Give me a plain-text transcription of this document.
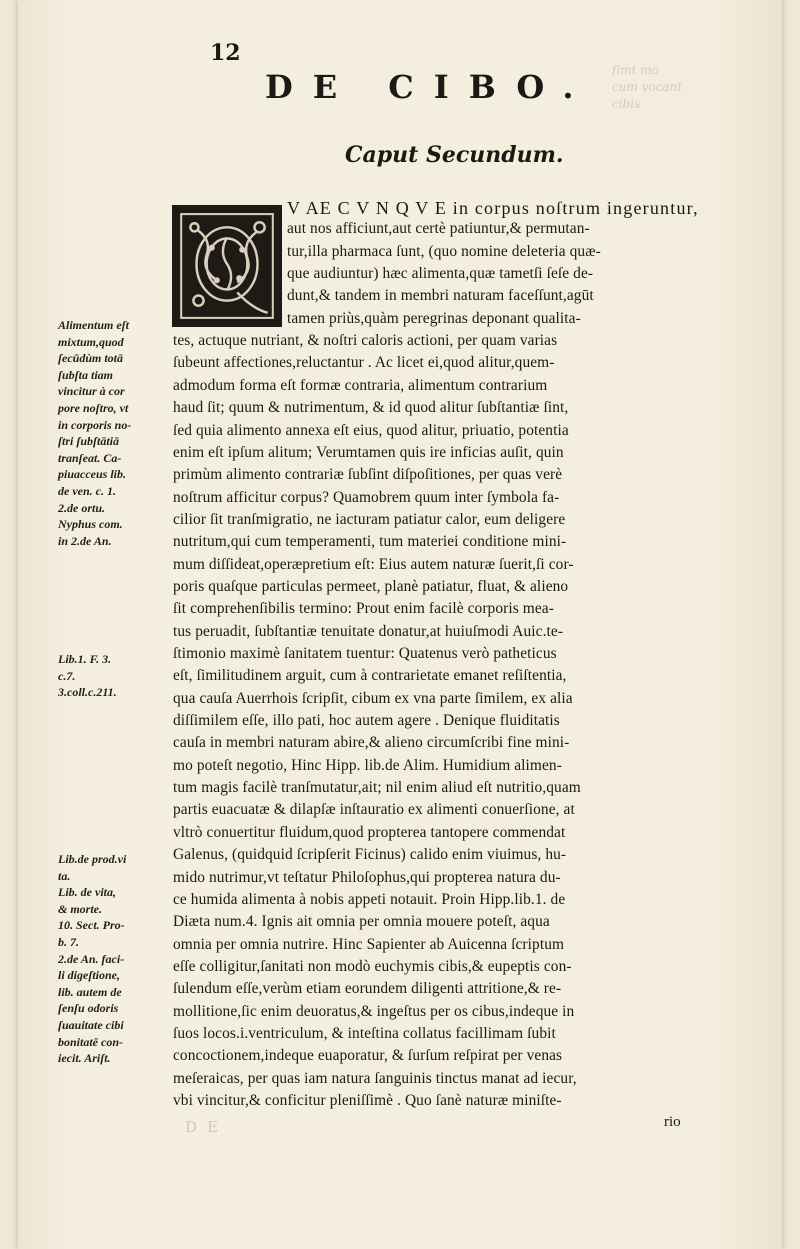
ſimt mo
cum vocant
cibis
DE
12
DE CIBO.
Caput Secundum.
V AE C V N Q V E in corpus noſtrum ingeruntur,
aut nos afficiunt,aut certè patiuntur,& permutan-
tur,illa pharmaca ſunt, (quo nomine deleteria quæ-
que audiuntur) hæc alimenta,quæ tametſi ſeſe de-
dunt,& tandem in membri naturam faceſſunt,agūt
tamen priùs,quàm peregrinas deponant qualita-
tes, actuque nutriant, & noſtri caloris actioni, per quam varias
ſubeunt affectiones,reluctantur . Ac licet ei,quod alitur,quem-
admodum forma eſt formæ contraria, alimentum contrarium
haud ſit; quum & nutrimentum, & id quod alitur ſubſtantiæ ſint,
ſed quia alimento annexa eſt eius, quod alitur, priuatio, potentia
enim eſt ipſum alitum; Verumtamen quis ire inficias auſit, quin
primùm alimento contrariæ ſubſint diſpoſitiones, per quas verè
noſtrum afficitur corpus? Quamobrem quum inter ſymbola fa-
cilior ſit tranſmigratio, ne iacturam patiatur calor, eum deligere
nutritum,qui cum temperamenti, tum materiei conditione mini-
mum diſſideat,operæpretium eſt: Eius autem naturæ ſuerit,ſi cor-
poris quaſque particulas permeet, planè patiatur, fluat, & alieno
ſit comprehenſibilis termino: Prout enim facilè corporis mea-
tus peruadit, ſubſtantiæ tenuitate donatur,at huiuſmodi Auic.te-
ſtimonio maximè ſanitatem tuentur: Quatenus verò patheticus
eſt, ſimilitudinem arguit, cum à contrarietate emanet reſiſtentia,
qua cauſa Auerrhois ſcripſit, cibum ex vna parte ſimilem, ex alia
diſſimilem eſſe, illo pati, hoc autem agere . Denique fluiditatis
cauſa in membri naturam abire,& alieno circumſcribi fine mini-
mo poteſt negotio, Hinc Hipp. lib.de Alim. Humidium alimen-
tum magis facilè tranſmutatur,ait; nil enim aliud eſt nutritio,quam
partis euacuatæ & dilapſæ inſtauratio ex alimenti conuerſione, at
vltrò conuertitur fluidum,quod propterea tantopere commendat
Galenus, (quidquid ſcripſerit Ficinus) calido enim viuimus, hu-
mido nutrimur,vt teſtatur Philoſophus,qui propterea natura du-
ce humida alimenta à nobis appeti notauit. Proin Hipp.lib.1. de
Diæta num.4. Ignis ait omnia per omnia mouere poteſt, aqua
omnia per omnia nutrire. Hinc Sapienter ab Auicenna ſcriptum
eſſe colligitur,ſanitati non modò euchymis cibis,& eupeptis con-
ſulendum eſſe,verùm etiam eorundem diligenti attritione,& re-
mollitione,ſic enim deuoratus,& ingeſtus per os cibus,indeque in
ſuos locos.i.ventriculum, & inteſtina collatus facillimam ſubit
concoctionem,indeque euaporatur, & ſurſum reſpirat per venas
meſeraicas, per quas iam natura ſanguinis tinctus manat ad iecur,
vbi vincitur,& conficitur pleniſſimè . Quo ſanè naturæ miniſte-
Alimentum eſt
mixtum,quod
ſecūdùm totā
ſubſta tiam
vincitur à cor
pore noſtro, vt
in corporis no-
ſtri ſubſtātiā
tranſeat. Ca-
piuacceus lib.
de ven. c. 1.
2.de ortu.
Nyphus com.
in 2.de An.
Lib.1. F. 3.
c.7.
3.coll.c.211.
Lib.de prod.vi
ta.
Lib. de vita,
& morte.
10. Sect. Pro-
b. 7.
2.de An. faci-
li digeſtione,
lib. autem de
ſenſu odoris
ſuauitate cibi
bonitatē con-
iecit. Ariſt.
rio
